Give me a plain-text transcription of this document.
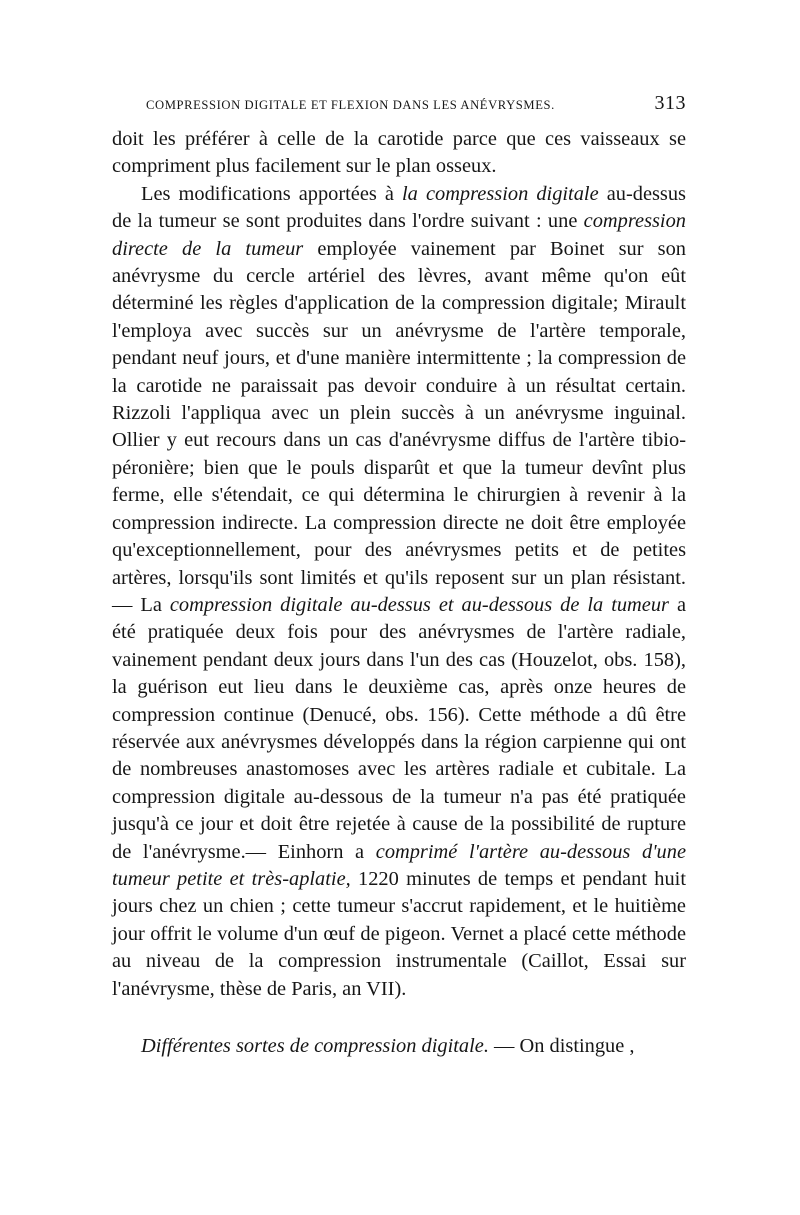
COMPRESSION DIGITALE ET FLEXION DANS LES ANÉVRYSMES.	313

doit les préférer à celle de la carotide parce que ces vaisseaux se compriment plus facilement sur le plan osseux.

Les modifications apportées à la compression digitale au-dessus de la tumeur se sont produites dans l'ordre suivant : une compression directe de la tumeur employée vainement par Boinet sur son anévrysme du cercle artériel des lèvres, avant même qu'on eût déterminé les règles d'application de la compression digitale; Mirault l'employa avec succès sur un anévrysme de l'artère temporale, pendant neuf jours, et d'une manière intermittente ; la compression de la carotide ne paraissait pas devoir conduire à un résultat certain. Rizzoli l'appliqua avec un plein succès à un anévrysme inguinal. Ollier y eut recours dans un cas d'anévrysme diffus de l'artère tibio-péronière; bien que le pouls disparût et que la tumeur devînt plus ferme, elle s'étendait, ce qui détermina le chirurgien à revenir à la compression indirecte. La compression directe ne doit être employée qu'exceptionnellement, pour des anévrysmes petits et de petites artères, lorsqu'ils sont limités et qu'ils reposent sur un plan résistant.— La compression digitale au-dessus et au-dessous de la tumeur a été pratiquée deux fois pour des anévrysmes de l'artère radiale, vainement pendant deux jours dans l'un des cas (Houzelot, obs. 158), la guérison eut lieu dans le deuxième cas, après onze heures de compression continue (Denucé, obs. 156). Cette méthode a dû être réservée aux anévrysmes développés dans la région carpienne qui ont de nombreuses anastomoses avec les artères radiale et cubitale. La compression digitale au-dessous de la tumeur n'a pas été pratiquée jusqu'à ce jour et doit être rejetée à cause de la possibilité de rupture de l'anévrysme.— Einhorn a comprimé l'artère au-dessous d'une tumeur petite et très-aplatie, 1220 minutes de temps et pendant huit jours chez un chien ; cette tumeur s'accrut rapidement, et le huitième jour offrit le volume d'un œuf de pigeon. Vernet a placé cette méthode au niveau de la compression instrumentale (Caillot, Essai sur l'anévrysme, thèse de Paris, an VII).

Différentes sortes de compression digitale. — On distingue ,
